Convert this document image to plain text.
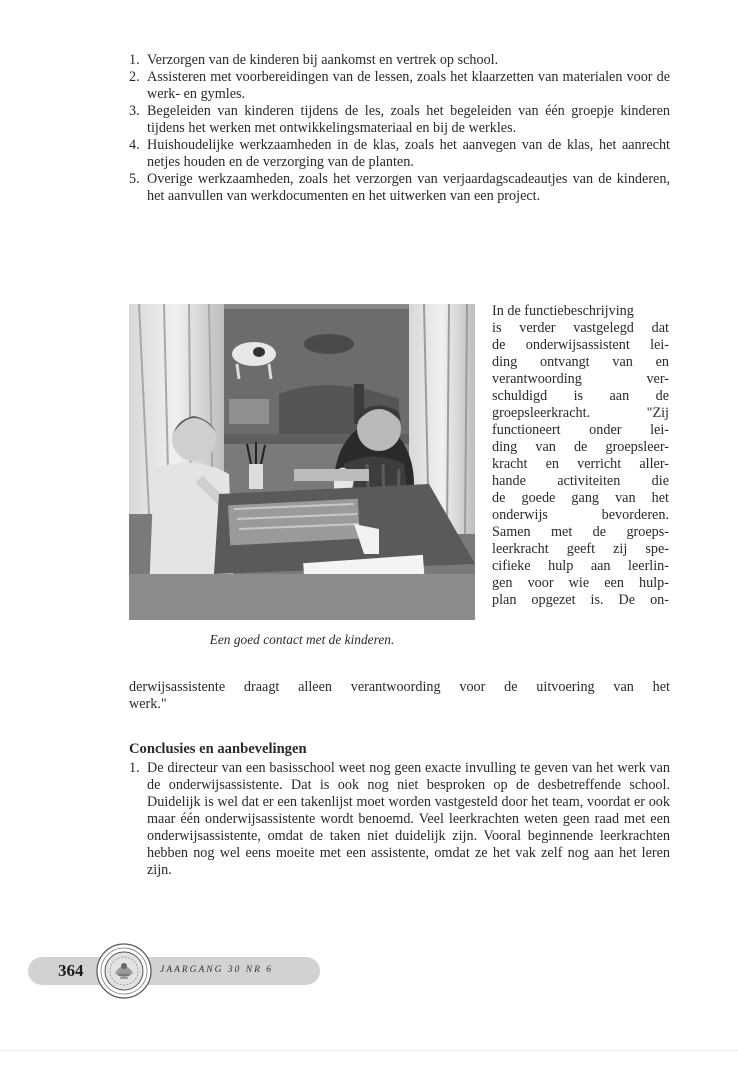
1. Verzorgen van de kinderen bij aankomst en vertrek op school.
2. Assisteren met voorbereidingen van de lessen, zoals het klaarzetten van materialen voor de werk- en gymles.
3. Begeleiden van kinderen tijdens de les, zoals het begeleiden van één groepje kinderen tijdens het werken met ontwikkelingsmateriaal en bij de werkles.
4. Huishoudelijke werkzaamheden in de klas, zoals het aanvegen van de klas, het aanrecht netjes houden en de verzorging van de planten.
5. Overige werkzaamheden, zoals het verzorgen van verjaardagscadeautjes van de kinderen, het aanvullen van werkdocumenten en het uitwerken van een project.
Een goed contact met de kinderen.
In de functiebeschrijving
is verder vastgelegd dat
de onderwijsassistent lei-
ding ontvangt van en
verantwoording ver-
schuldigd is aan de
groepsleerkracht. "Zij
functioneert onder lei-
ding van de groepsleer-
kracht en verricht aller-
hande activiteiten die
de goede gang van het
onderwijs bevorderen.
Samen met de groeps-
leerkracht geeft zij spe-
cifieke hulp aan leerlin-
gen voor wie een hulp-
plan opgezet is. De on-
derwijsassistente draagt alleen verantwoording voor de uitvoering van het
werk."
Conclusies en aanbevelingen
1. De directeur van een basisschool weet nog geen exacte invulling te geven van het werk van de onderwijsassistente. Dat is ook nog niet besproken op de desbetreffende school. Duidelijk is wel dat er een takenlijst moet worden vastgesteld door het team, voordat er ook maar één onderwijsassistente wordt benoemd. Veel leerkrachten weten geen raad met een onderwijsassistente, omdat de taken niet duidelijk zijn. Vooral beginnende leerkrachten hebben nog wel eens moeite met een assistente, omdat ze het vak zelf nog aan het leren zijn.
364	JAARGANG 30 NR 6
